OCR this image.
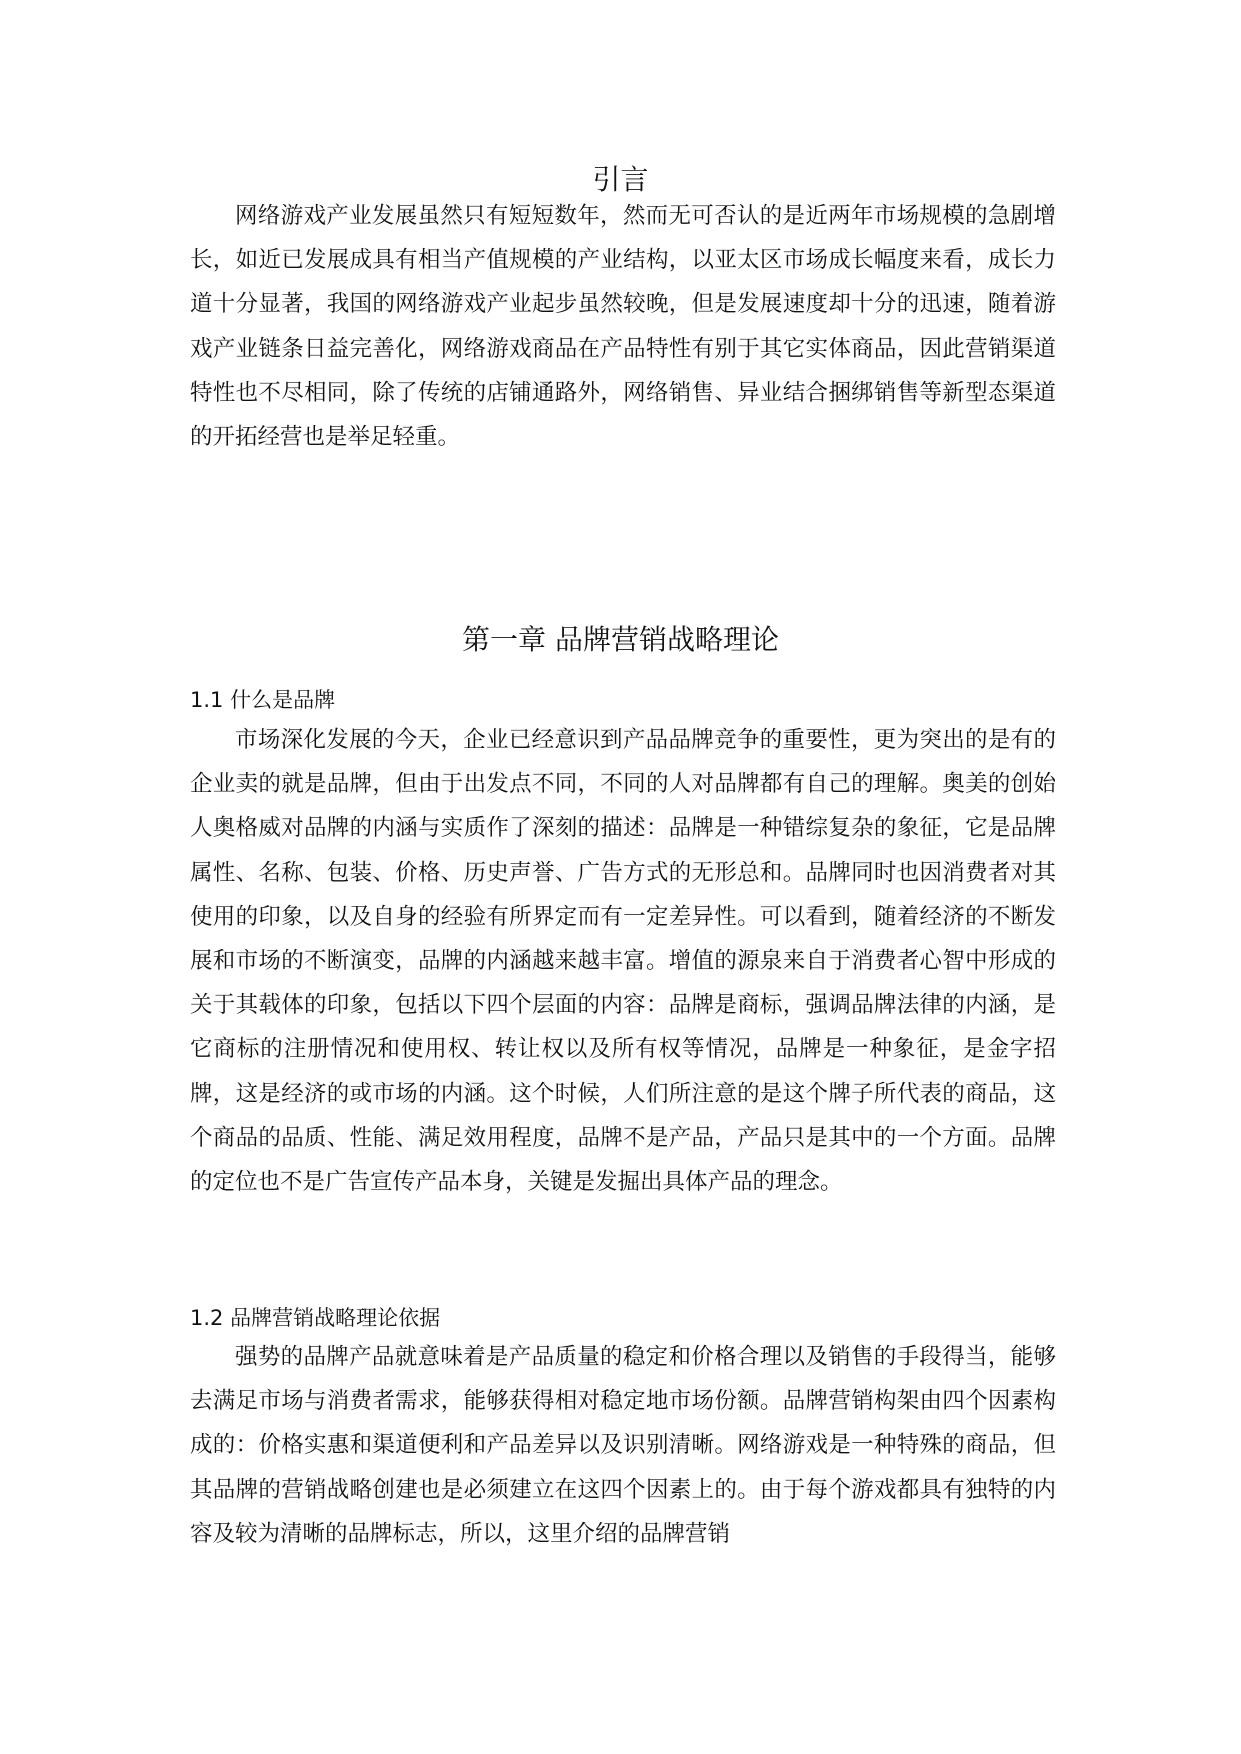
引言

网络游戏产业发展虽然只有短短数年，然而无可否认的是近两年市场规模的急剧增长，如近已发展成具有相当产值规模的产业结构，以亚太区市场成长幅度来看，成长力道十分显著，我国的网络游戏产业起步虽然较晚，但是发展速度却十分的迅速，随着游戏产业链条日益完善化，网络游戏商品在产品特性有别于其它实体商品，因此营销渠道特性也不尽相同，除了传统的店铺通路外，网络销售、异业结合捆绑销售等新型态渠道的开拓经营也是举足轻重。

第一章 品牌营销战略理论
1.1 什么是品牌

市场深化发展的今天，企业已经意识到产品品牌竞争的重要性，更为突出的是有的企业卖的就是品牌，但由于出发点不同，不同的人对品牌都有自己的理解。奥美的创始人奥格威对品牌的内涵与实质作了深刻的描述：品牌是一种错综复杂的象征，它是品牌属性、名称、包装、价格、历史声誉、广告方式的无形总和。品牌同时也因消费者对其使用的印象，以及自身的经验有所界定而有一定差异性。可以看到，随着经济的不断发展和市场的不断演变，品牌的内涵越来越丰富。增值的源泉来自于消费者心智中形成的关于其载体的印象，包括以下四个层面的内容：品牌是商标，强调品牌法律的内涵，是它商标的注册情况和使用权、转让权以及所有权等情况，品牌是一种象征，是金字招牌，这是经济的或市场的内涵。这个时候，人们所注意的是这个牌子所代表的商品，这个商品的品质、性能、满足效用程度，品牌不是产品，产品只是其中的一个方面。品牌的定位也不是广告宣传产品本身，关键是发掘出具体产品的理念。

1.2 品牌营销战略理论依据

强势的品牌产品就意味着是产品质量的稳定和价格合理以及销售的手段得当，能够去满足市场与消费者需求，能够获得相对稳定地市场份额。品牌营销构架由四个因素构成的：价格实惠和渠道便利和产品差异以及识别清晰。网络游戏是一种特殊的商品，但其品牌的营销战略创建也是必须建立在这四个因素上的。由于每个游戏都具有独特的内容及较为清晰的品牌标志，所以，这里介绍的品牌营销
